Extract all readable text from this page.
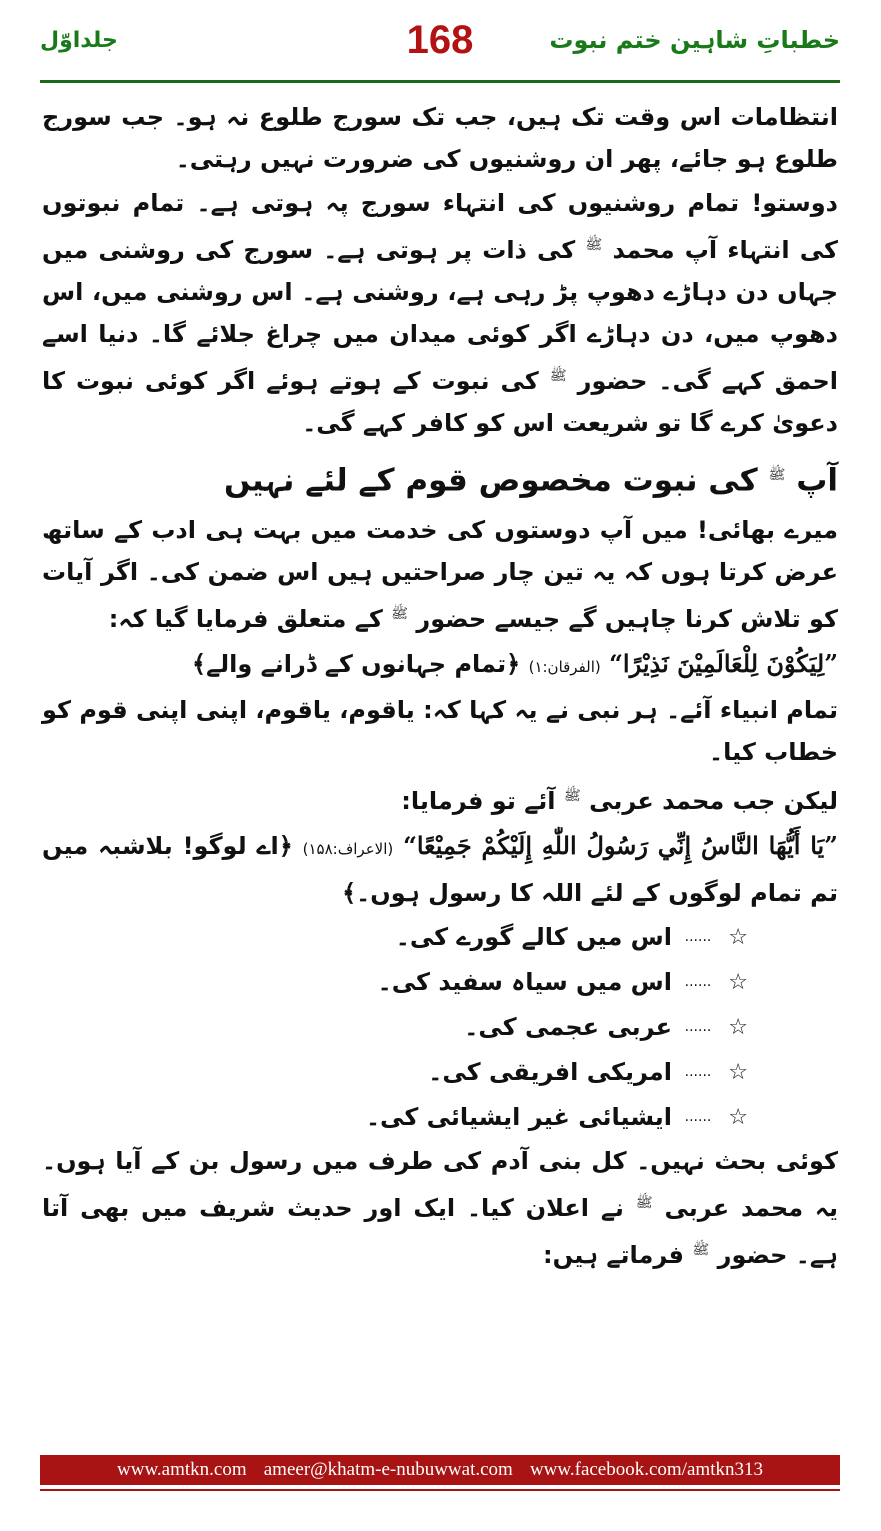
خطباتِ شاہین ختم نبوت
168
جلداوّل
انتظامات اس وقت تک ہیں، جب تک سورج طلوع نہ ہو۔ جب سورج طلوع ہو جائے، پھر ان روشنیوں کی ضرورت نہیں رہتی۔
دوستو! تمام روشنیوں کی انتہاء سورج پہ ہوتی ہے۔ تمام نبوتوں کی انتہاء آپ محمد $^ﷺ$ کی ذات پر ہوتی ہے۔ سورج کی روشنی میں جہاں دن دہاڑے دھوپ پڑ رہی ہے، روشنی ہے۔ اس روشنی میں، اس دھوپ میں، دن دہاڑے اگر کوئی میدان میں چراغ جلائے گا۔ دنیا اسے احمق کہے گی۔ حضور $^ﷺ$ کی نبوت کے ہوتے ہوئے اگر کوئی نبوت کا دعویٰ کرے گا تو شریعت اس کو کافر کہے گی۔
آپ $^ﷺ$ کی نبوت مخصوص قوم کے لئے نہیں
میرے بھائی! میں آپ دوستوں کی خدمت میں بہت ہی ادب کے ساتھ عرض کرتا ہوں کہ یہ تین چار صراحتیں ہیں اس ضمن کی۔ اگر آیات کو تلاش کرنا چاہیں گے جیسے حضور $^ﷺ$ کے متعلق فرمایا گیا کہ:
”لِيَكُوْنَ لِلْعَالَمِيْنَ نَذِيْرًا“ (الفرقان:۱) ﴿تمام جہانوں کے ڈرانے والے﴾
تمام انبیاء آئے۔ ہر نبی نے یہ کہا کہ: یاقوم، یاقوم، اپنی اپنی قوم کو خطاب کیا۔
لیکن جب محمد عربی $^ﷺ$ آئے تو فرمایا:
”يَا أَيُّهَا النَّاسُ إِنِّي رَسُولُ اللّٰهِ إِلَيْكُمْ جَمِيْعًا“ (الاعراف:۱۵۸) ﴿اے لوگو! بلاشبہ میں تم تمام لوگوں کے لئے اللہ کا رسول ہوں۔﴾
☆
......
اس میں کالے گورے کی۔
☆
......
اس میں سیاہ سفید کی۔
☆
......
عربی عجمی کی۔
☆
......
امریکی افریقی کی۔
☆
......
ایشیائی غیر ایشیائی کی۔
کوئی بحث نہیں۔ کل بنی آدم کی طرف میں رسول بن کے آیا ہوں۔ یہ محمد عربی $^ﷺ$ نے اعلان کیا۔ ایک اور حدیث شریف میں بھی آتا ہے۔ حضور $^ﷺ$ فرماتے ہیں:
www.amtkn.com ameer@khatm-e-nubuwwat.com www.facebook.com/amtkn313
